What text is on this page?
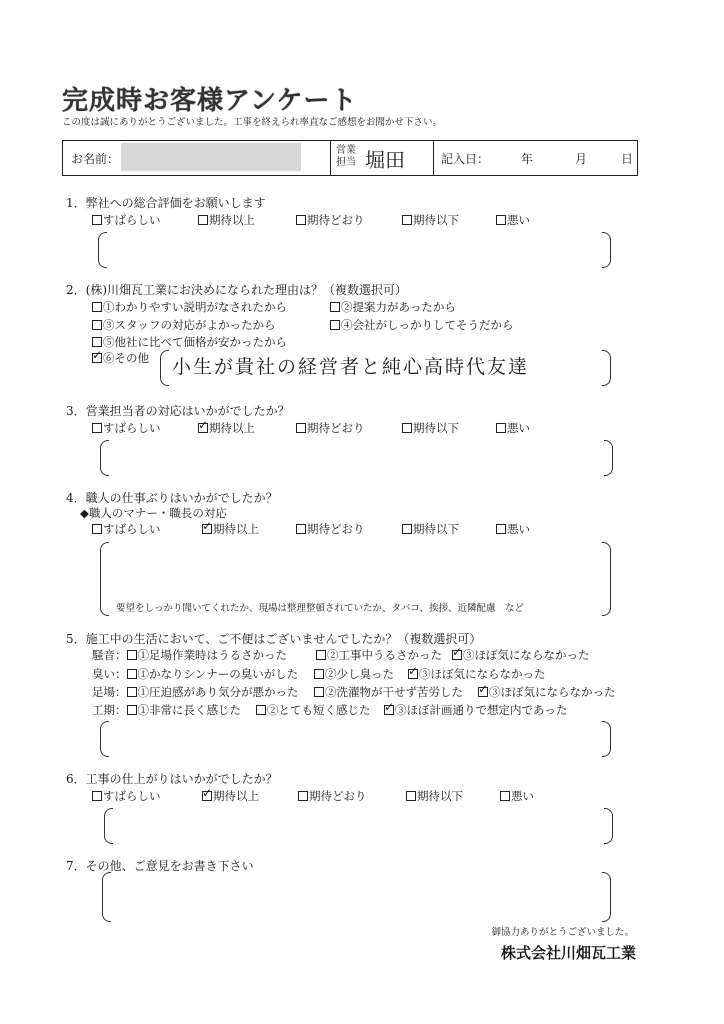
完成時お客様アンケート
この度は誠にありがとうございました。工事を終えられ率直なご感想をお聞かせ下さい。
お名前：
営業
担当 堀田	記入日：	年	月	日
1．弊社への総合評価をお願いします
すばらしい	期待以上	期待どおり	期待以下	悪い
2．(株)川畑瓦工業にお決めになられた理由は？（複数選択可）
①わかりやすい説明がなされたから	②提案力があったから
③スタッフの対応がよかったから	④会社がしっかりしてそうだから
⑤他社に比べて価格が安かったから
✓⑥その他 小生が貴社の経営者と純心高時代友達
3．営業担当者の対応はいかがでしたか？
すばらしい ✓	期待以上	期待どおり	期待以下	悪い
4．職人の仕事ぶりはいかがでしたか？
◆職人のマナー・職長の対応
すばらしい ✓	期待以上	期待どおり	期待以下	悪い
要望をしっかり聞いてくれたか、現場は整理整頓されていたか、タバコ、挨拶、近隣配慮　など
5．施工中の生活において、ご不便はございませんでしたか？（複数選択可）
騒音： ①足場作業時はうるさかった	②工事中うるさかった ✓	③ほぼ気にならなかった
臭い： ①かなりシンナーの臭いがした	②少し臭った ✓	③ほぼ気にならなかった
足場： ①圧迫感があり気分が悪かった	②洗濯物が干せず苦労した ✓	③ほぼ気にならなかった
工期： ①非常に長く感じた	②とても短く感じた ✓	③ほぼ計画通りで想定内であった
6．工事の仕上がりはいかがでしたか？
すばらしい ✓	期待以上	期待どおり	期待以下	悪い
7．その他、ご意見をお書き下さい
御協力ありがとうございました。
株式会社川畑瓦工業
